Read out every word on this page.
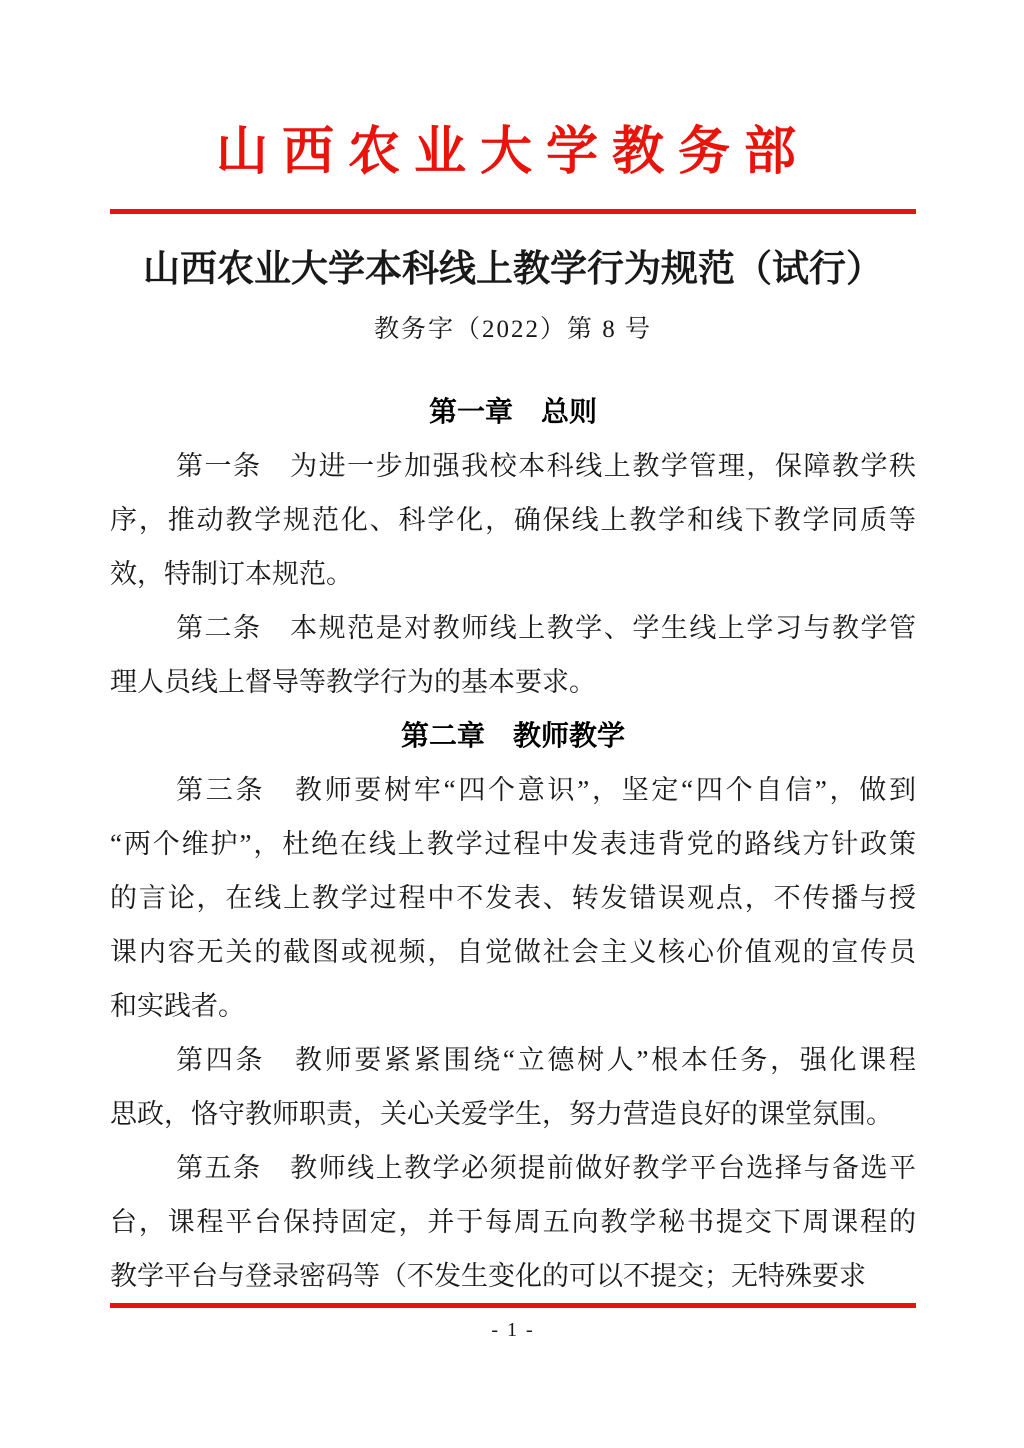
山西农业大学教务部
山西农业大学本科线上教学行为规范（试行）
教务字（2022）第 8 号
第一章　总则
第一条　为进一步加强我校本科线上教学管理，保障教学秩
序，推动教学规范化、科学化，确保线上教学和线下教学同质等
效，特制订本规范。
第二条　本规范是对教师线上教学、学生线上学习与教学管
理人员线上督导等教学行为的基本要求。
第二章　教师教学
第三条　教师要树牢“四个意识”，坚定“四个自信”，做到
“两个维护”，杜绝在线上教学过程中发表违背党的路线方针政策
的言论，在线上教学过程中不发表、转发错误观点，不传播与授
课内容无关的截图或视频，自觉做社会主义核心价值观的宣传员
和实践者。
第四条　教师要紧紧围绕“立德树人”根本任务，强化课程
思政，恪守教师职责，关心关爱学生，努力营造良好的课堂氛围。
第五条　教师线上教学必须提前做好教学平台选择与备选平
台，课程平台保持固定，并于每周五向教学秘书提交下周课程的
教学平台与登录密码等（不发生变化的可以不提交；无特殊要求
- 1 -
